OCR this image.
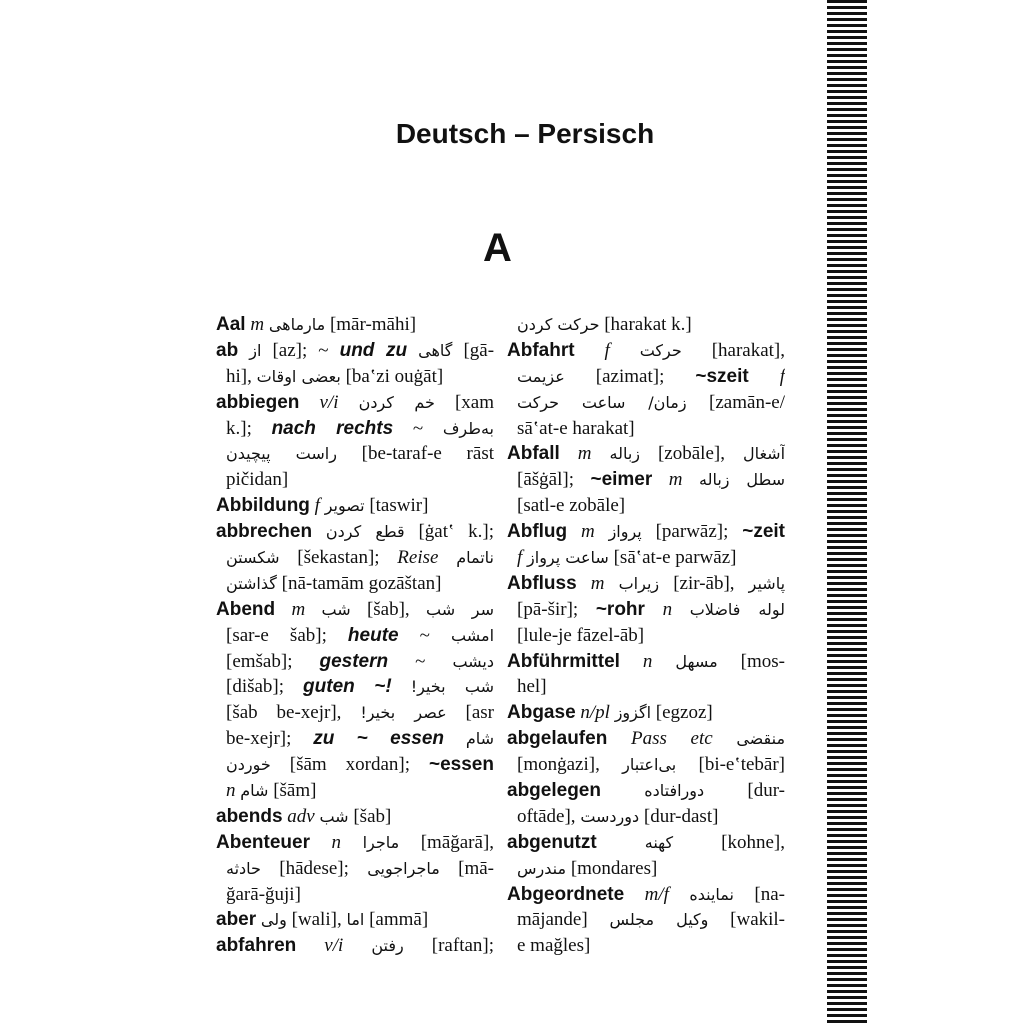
Deutsch – Persisch
A
Aal m مارماهی [mār-māhi]
ab از [az]; ~ und zu گاهی [gā-
hi], بعضی اوقات [ba‛zi ouġāt]
abbiegen v/i خم کردن [xam
k.]; nach rechts ~ به‌طرف
راست پیچیدن [be-taraf-e rāst
pičidan]
Abbildung f تصویر [taswir]
abbrechen قطع کردن [ġat‛ k.];
شکستن [šekastan]; Reise ناتمام
گذاشتن [nā-tamām gozāštan]
Abend m شب [šab], سر شب
[sar-e šab]; heute ~ امشب
[emšab]; gestern ~ دیشب
[dišab]; guten ~! شب بخیر!
[šab be-xejr], عصر بخیر! [asr
be-xejr]; zu ~ essen شام
خوردن [šām xordan]; ~essen
n شام [šām]
abends adv شب [šab]
Abenteuer n ماجرا [māğarā],
حادثه [hādese]; ماجراجویی [mā-
ğarā-ğuji]
aber ولی [wali], اما [ammā]
abfahren v/i رفتن [raftan];
حرکت کردن [harakat k.]
Abfahrt f حرکت [harakat],
عزیمت [azimat]; ~szeit f
زمان/ ساعت حرکت [zamān-e/
sā‛at-e harakat]
Abfall m زباله [zobāle], آشغال
[āšġāl]; ~eimer m سطل زباله
[satl-e zobāle]
Abflug m پرواز [parwāz]; ~zeit
f ساعت پرواز [sā‛at-e parwāz]
Abfluss m زیراب [zir-āb], پاشیر
[pā-šir]; ~rohr n لوله فاضلاب
[lule-je fāzel-āb]
Abführmittel n مسهل [mos-
hel]
Abgase n/pl اگزوز [egzoz]
abgelaufen Pass etc منقضی
[monġazi], بی‌اعتبار [bi-e‛tebār]
abgelegen	دورافتاده [dur-
oftāde], دوردست [dur-dast]
abgenutzt	کهنه [kohne],
مندرس [mondares]
Abgeordnete m/f نماینده [na-
mājande] وکیل مجلس [wakil-
e mağles]
